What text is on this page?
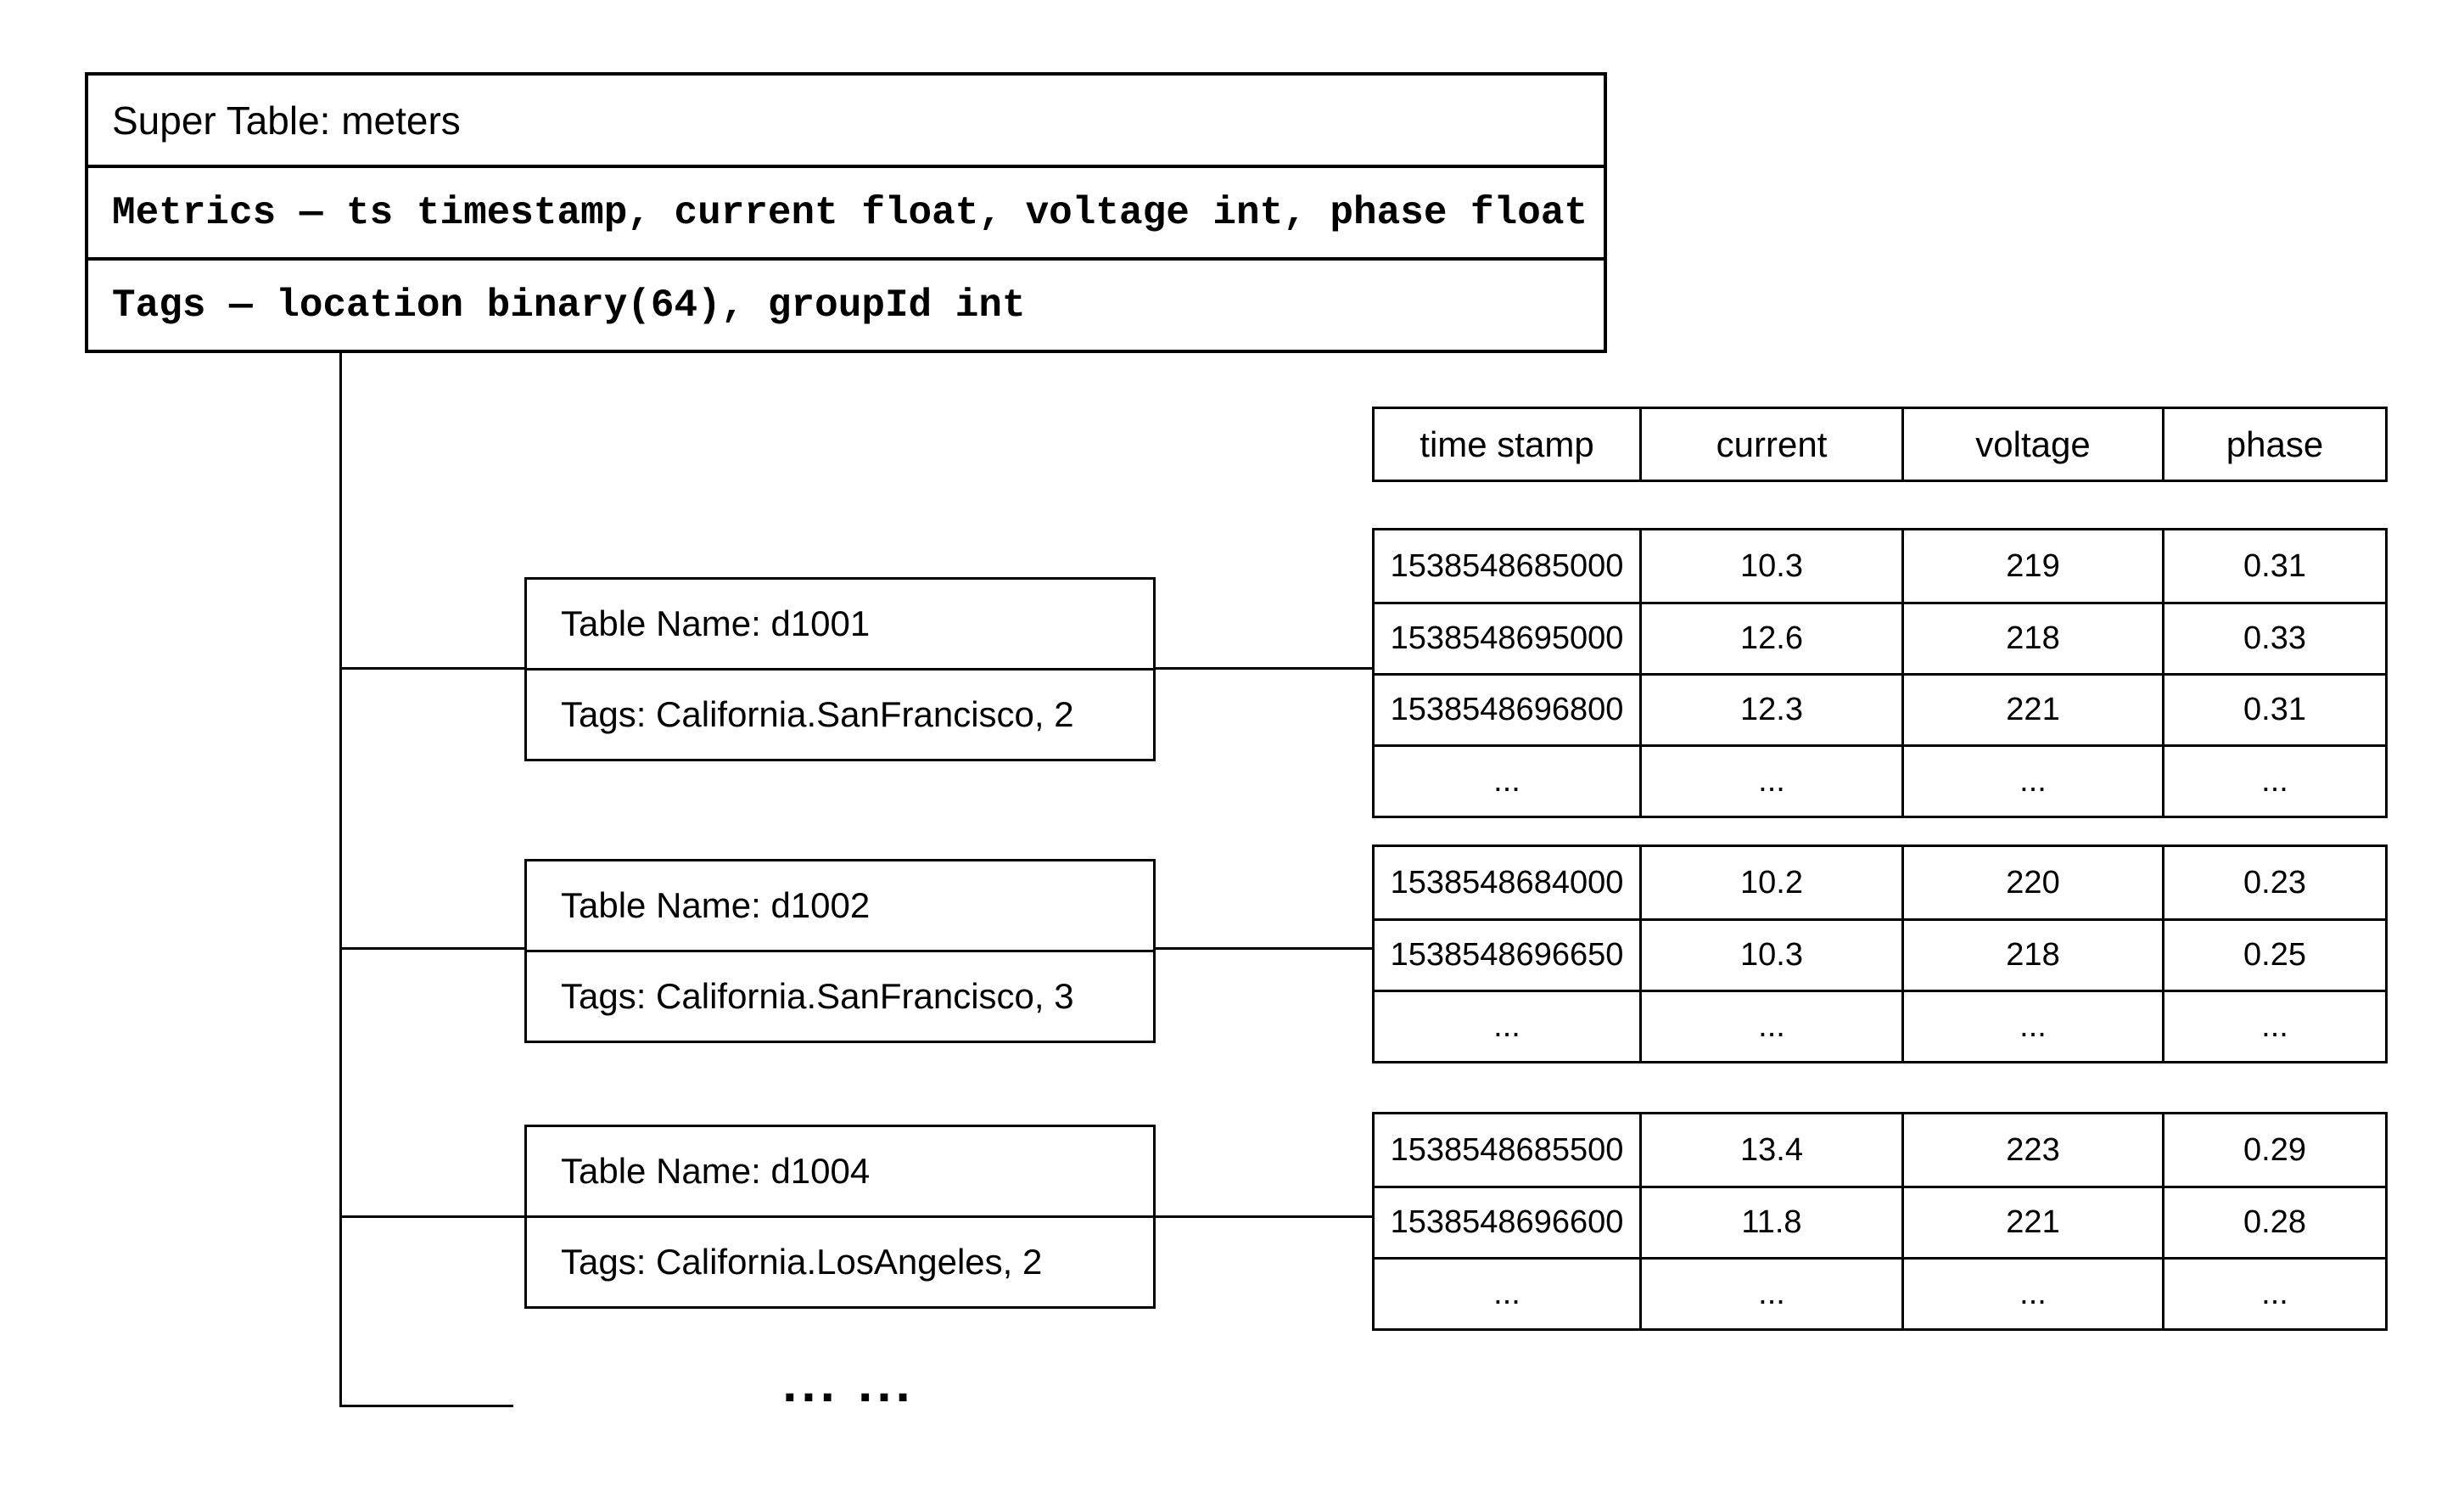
Super Table: meters
Metrics — ts timestamp, current float, voltage int, phase float
Tags — location binary(64), groupId int
Table Name: d1001
Tags: California.SanFrancisco, 2
Table Name: d1002
Tags: California.SanFrancisco, 3
Table Name: d1004
Tags: California.LosAngeles, 2
time stamp	current	voltage	phase
1538548685000	10.3	219	0.31
1538548695000	12.6	218	0.33
1538548696800	12.3	221	0.31
...	...	...	...
1538548684000	10.2	220	0.23
1538548696650	10.3	218	0.25
...	...	...	...
1538548685500	13.4	223	0.29
1538548696600	11.8	221	0.28
...	...	...	...
... ...
